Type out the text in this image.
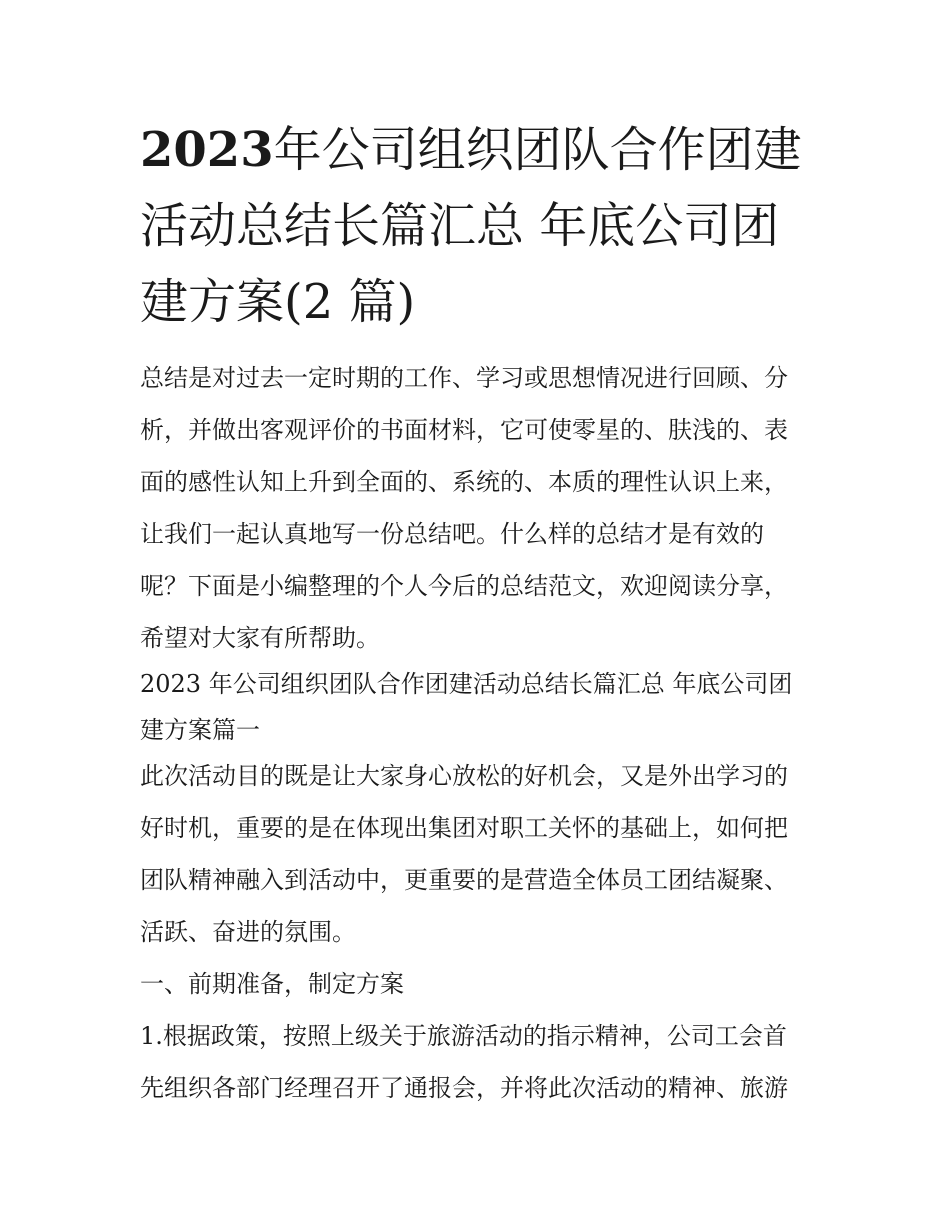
2023年公司组织团队合作团建
活动总结长篇汇总 年底公司团
建方案(2 篇)
总结是对过去一定时期的工作、学习或思想情况进行回顾、分
析，并做出客观评价的书面材料，它可使零星的、肤浅的、表
面的感性认知上升到全面的、系统的、本质的理性认识上来，
让我们一起认真地写一份总结吧。什么样的总结才是有效的
呢？下面是小编整理的个人今后的总结范文，欢迎阅读分享，
希望对大家有所帮助。
2023 年公司组织团队合作团建活动总结长篇汇总 年底公司团
建方案篇一
此次活动目的既是让大家身心放松的好机会，又是外出学习的
好时机，重要的是在体现出集团对职工关怀的基础上，如何把
团队精神融入到活动中，更重要的是营造全体员工团结凝聚、
活跃、奋进的氛围。
一、前期准备，制定方案
1.根据政策，按照上级关于旅游活动的指示精神，公司工会首
先组织各部门经理召开了通报会，并将此次活动的精神、旅游
